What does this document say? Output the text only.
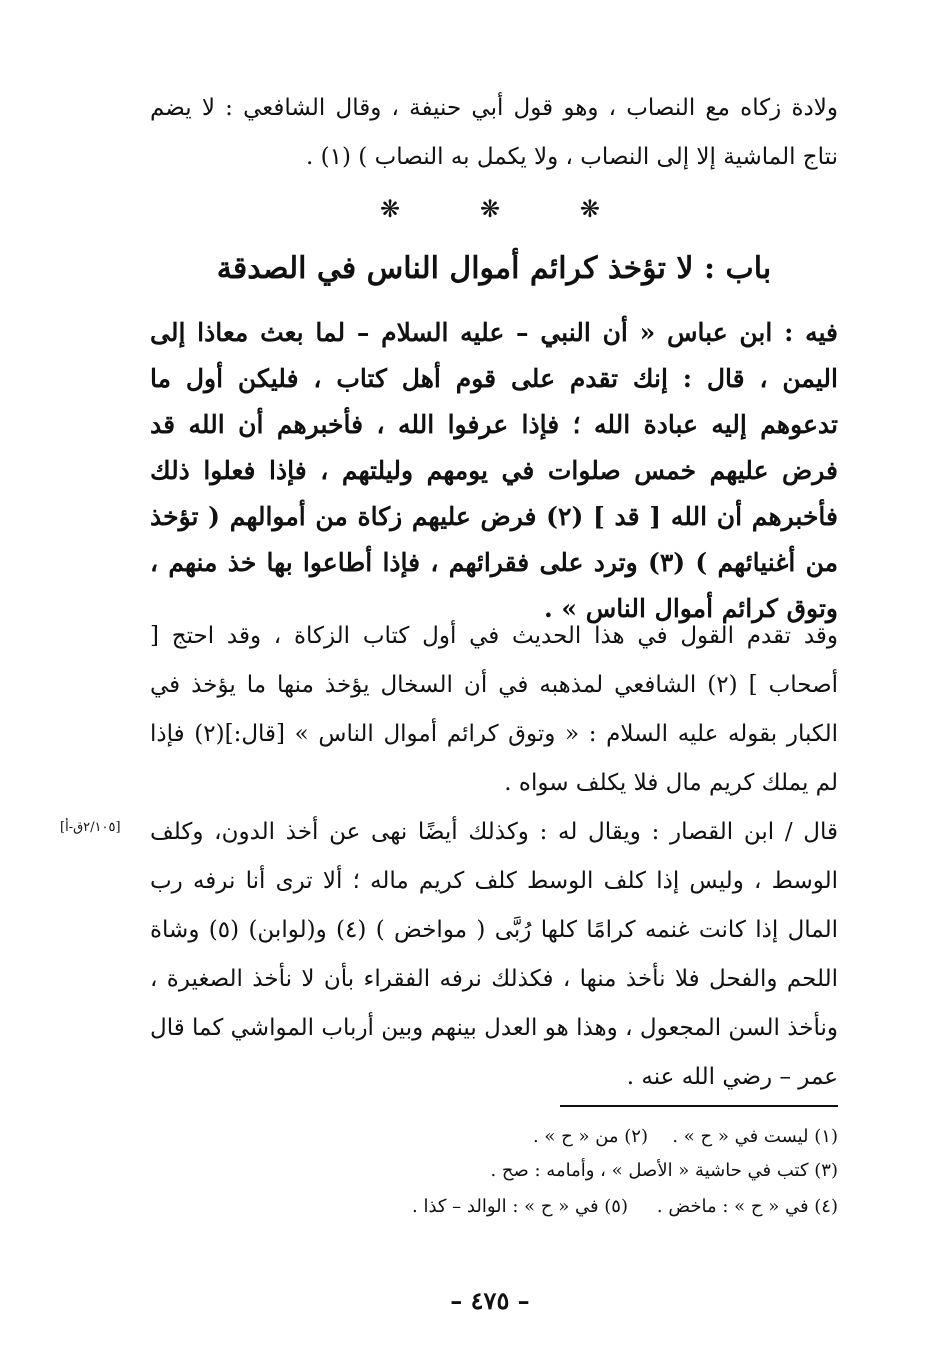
ولادة زكاه مع النصاب ، وهو قول أبي حنيفة ، وقال الشافعي : لا يضم نتاج الماشية إلا إلى النصاب ، ولا يكمل به النصاب ) (١) .

❋	❋	❋
باب : لا تؤخذ كرائم أموال الناس في الصدقة

فيه : ابن عباس « أن النبي – عليه السلام – لما بعث معاذا إلى اليمن ، قال : إنك تقدم على قوم أهل كتاب ، فليكن أول ما تدعوهم إليه عبادة الله ؛ فإذا عرفوا الله ، فأخبرهم أن الله قد فرض عليهم خمس صلوات في يومهم وليلتهم ، فإذا فعلوا ذلك فأخبرهم أن الله [ قد ] (٢) فرض عليهم زكاة من أموالهم ( تؤخذ من أغنيائهم ) (٣) وترد على فقرائهم ، فإذا أطاعوا بها خذ منهم ، وتوق كرائم أموال الناس » .

وقد تقدم القول في هذا الحديث في أول كتاب الزكاة ، وقد احتج [ أصحاب ] (٢) الشافعي لمذهبه في أن السخال يؤخذ منها ما يؤخذ في الكبار بقوله عليه السلام : « وتوق كرائم أموال الناس » [قال:](٢) فإذا لم يملك كريم مال فلا يكلف سواه .

[٢/١٠٥ق-أ]	قال / ابن القصار : ويقال له : وكذلك أيضًا نهى عن أخذ الدون، وكلف الوسط ، وليس إذا كلف الوسط كلف كريم ماله ؛ ألا ترى أنا نرفه رب المال إذا كانت غنمه كرامًا كلها رُبَّى ( مواخض ) (٤) و(لوابن) (٥) وشاة اللحم والفحل فلا نأخذ منها ، فكذلك نرفه الفقراء بأن لا نأخذ الصغيرة ، ونأخذ السن المجعول ، وهذا هو العدل بينهم وبين أرباب المواشي كما قال عمر – رضي الله عنه .

(١) ليست في « ح » .
(٢) من « ح » .

(٣) كتب في حاشية « الأصل » ، وأمامه : صح .

(٤) في « ح » : ماخض .
(٥) في « ح » : الوالد – كذا .

– ٤٧٥ –
